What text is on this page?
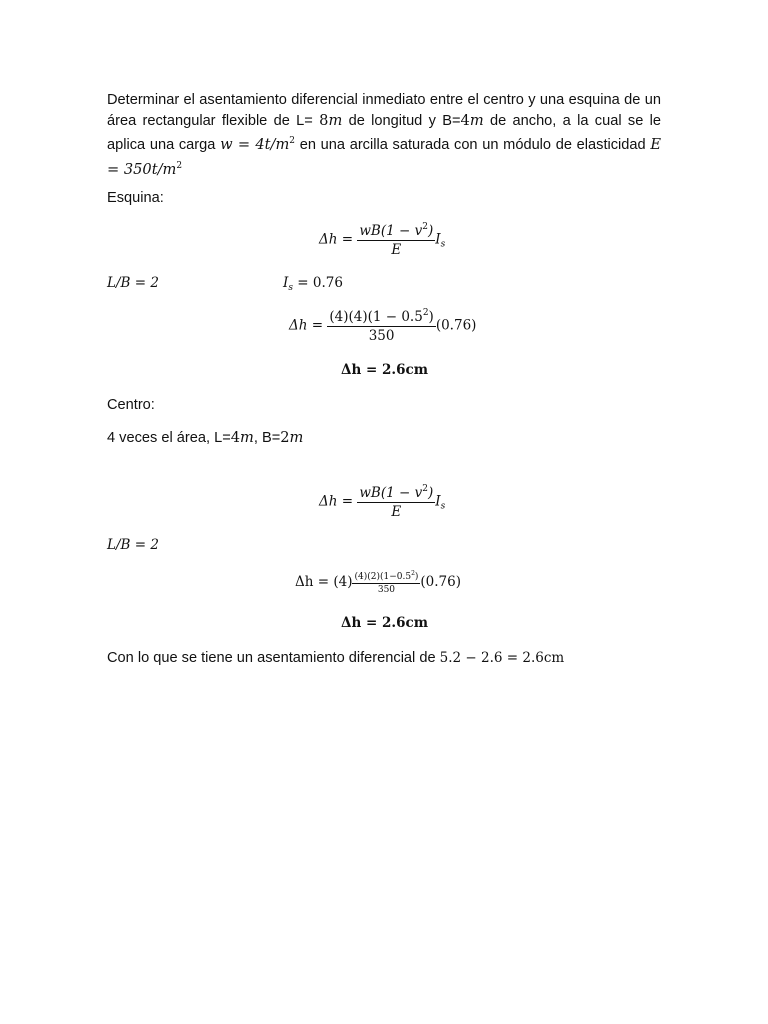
Determinar el asentamiento diferencial inmediato entre el centro y una esquina de un área rectangular flexible de L= 8m de longitud y B=4m de ancho, a la cual se le aplica una carga $w = 4t/m^2$ en una arcilla saturada con un módulo de elasticidad $E = 350t/m^2$

Esquina:
$\Delta h = \frac{wB(1 - v^2)}{E} I_s$
L/B = 2	$I_s = 0.76$
$\Delta h = \frac{(4)(4)(1 - 0.5^2)}{350} (0.76)$
Δh = 2.6cm
Centro:
4 veces el área, L=4m, B=2m
$\Delta h = \frac{wB(1 - v^2)}{E} I_s$
L/B = 2
$\Delta h = (4) \frac{(4)(2)(1-0.5^2)}{350} (0.76)$
Δh = 2.6cm
Con lo que se tiene un asentamiento diferencial de 5.2 − 2.6 = 2.6cm
